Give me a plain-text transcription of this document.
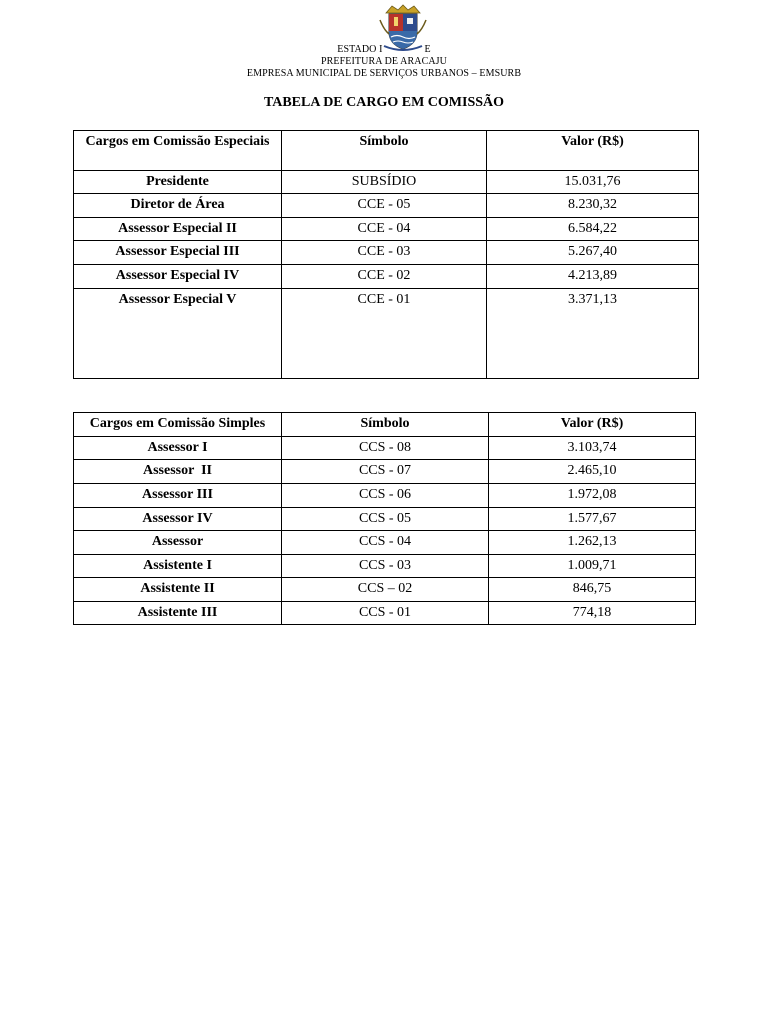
ESTADO I	E
PREFEITURA DE ARACAJU
EMPRESA MUNICIPAL DE SERVIÇOS URBANOS – EMSURB
TABELA DE CARGO EM COMISSÃO
Cargos em Comissão Especiais	Símbolo	Valor (R$)
Presidente	SUBSÍDIO	15.031,76
Diretor de Área	CCE - 05	8.230,32
Assessor Especial II	CCE - 04	6.584,22
Assessor Especial III	CCE - 03	5.267,40
Assessor Especial IV	CCE - 02	4.213,89
Assessor Especial V	CCE - 01	3.371,13
Cargos em Comissão Simples	Símbolo	Valor (R$)
Assessor I	CCS - 08	3.103,74
Assessor  II	CCS - 07	2.465,10
Assessor III	CCS - 06	1.972,08
Assessor IV	CCS - 05	1.577,67
Assessor	CCS - 04	1.262,13
Assistente I	CCS - 03	1.009,71
Assistente II	CCS – 02	846,75
Assistente III	CCS - 01	774,18
